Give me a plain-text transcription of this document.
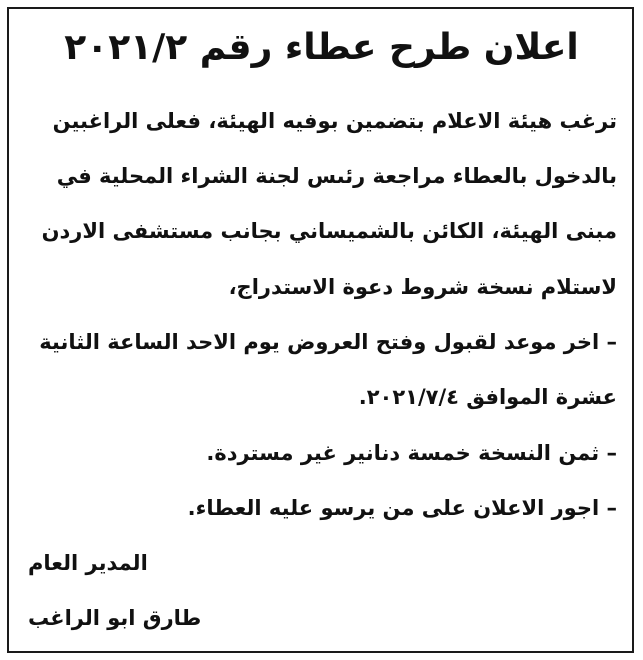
اعلان طرح عطاء رقم ٢٠٢١/٢
ترغب هيئة الاعلام بتضمين بوفيه الهيئة، فعلى الراغبين
بالدخول بالعطاء مراجعة رئىس لجنة الشراء المحلية في
مبنى الهيئة، الكائن بالشميساني بجانب مستشفى الاردن
لاستلام نسخة شروط دعوة الاستدراج،
– اخر موعد لقبول وفتح العروض يوم الاحد الساعة الثانية
عشرة الموافق ٢٠٢١/٧/٤.
– ثمن النسخة خمسة دنانير غير مستردة.
– اجور الاعلان على من يرسو عليه العطاء.
المدير العام
طارق ابو الراغب
